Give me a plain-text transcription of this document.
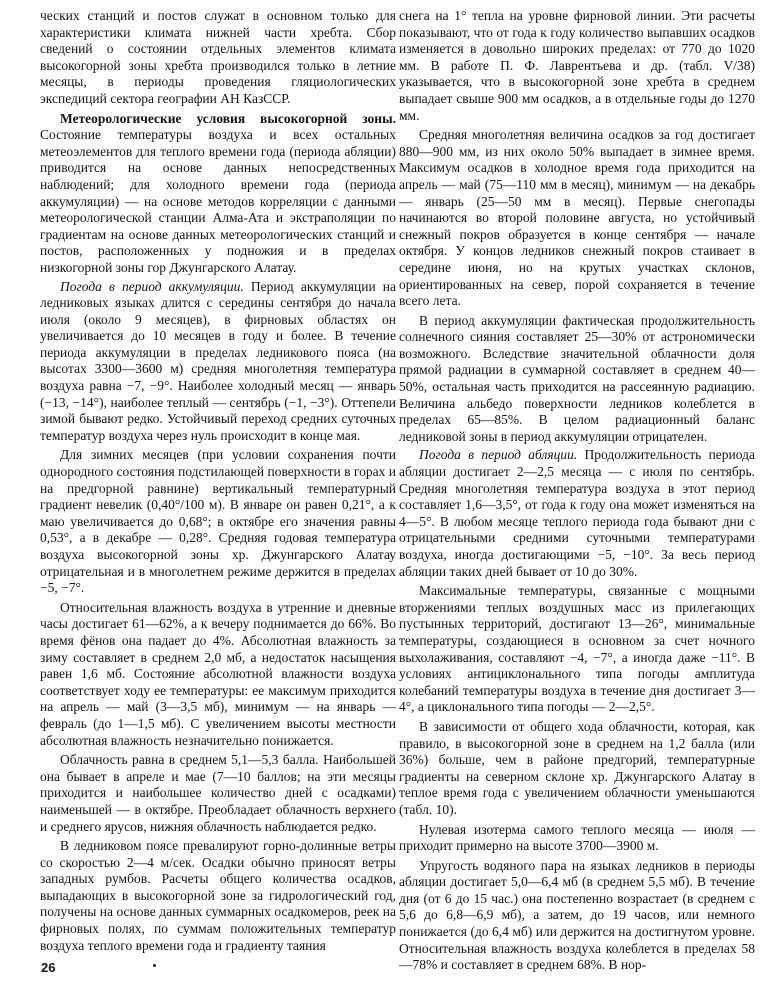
ческих станций и постов служат в основном только для характеристики климата нижней части хребта. Сбор сведений о состоянии отдельных элементов климата высокогорной зоны хребта производился только в летние месяцы, в периоды проведения гляциологических экспедиций сектора географии АН КазССР.

Метеорологические условия высокогорной зоны. Состояние температуры воздуха и всех остальных метеоэлементов для теплого времени года (периода абляции) приводится на основе данных непосредственных наблюдений; для холодного времени года (периода аккумуляции) — на основе методов корреляции с данными метеорологической станции Алма-Ата и экстраполяции по градиентам на основе данных метеорологических станций и постов, расположенных у подножия и в пределах низкогорной зоны гор Джунгарского Алатау.

Погода в период аккумуляции. Период аккумуляции на ледниковых языках длится с середины сентября до начала июля (около 9 месяцев), в фирновых областях он увеличивается до 10 месяцев в году и более. В течение периода аккумуляции в пределах ледникового пояса (на высотах 3300—3600 м) средняя многолетняя температура воздуха равна −7, −9°. Наиболее холодный месяц — январь (−13, −14°), наиболее теплый — сентябрь (−1, −3°). Оттепели зимой бывают редко. Устойчивый переход средних суточных температур воздуха через нуль происходит в конце мая.

Для зимних месяцев (при условии сохранения почти однородного состояния подстилающей поверхности в горах и на предгорной равнине) вертикальный температурный градиент невелик (0,40°/100 м). В январе он равен 0,21°, а к маю увеличивается до 0,68°; в октябре его значения равны 0,53°, а в декабре — 0,28°. Средняя годовая температура воздуха высокогорной зоны хр. Джунгарского Алатау отрицательная и в многолетнем режиме держится в пределах −5, −7°.

Относительная влажность воздуха в утренние и дневные часы достигает 61—62%, а к вечеру поднимается до 66%. Во время фёнов она падает до 4%. Абсолютная влажность за зиму составляет в среднем 2,0 мб, а недостаток насыщения равен 1,6 мб. Состояние абсолютной влажности воздуха соответствует ходу ее температуры: ее максимум приходится на апрель — май (3—3,5 мб), минимум — на январь — февраль (до 1—1,5 мб). С увеличением высоты местности абсолютная влажность незначительно понижается.

Облачность равна в среднем 5,1—5,3 балла. Наибольшей она бывает в апреле и мае (7—10 баллов; на эти месяцы приходится и наибольшее количество дней с осадками) наименьшей — в октябре. Преобладает облачность верхнего и среднего ярусов, нижняя облачность наблюдается редко.

В ледниковом поясе превалируют горно-долинные ветры со скоростью 2—4 м/сек. Осадки обычно приносят ветры западных румбов. Расчеты общего количества осадков, выпадающих в высокогорной зоне за гидрологический год, получены на основе данных суммарных осадкомеров, реек на фирновых полях, по суммам положительных температур воздуха теплого времени года и градиенту таяния

снега на 1° тепла на уровне фирновой линии. Эти расчеты показывают, что от года к году количество выпавших осадков изменяется в довольно широких пределах: от 770 до 1020 мм. В работе П. Ф. Лаврентьева и др. (табл. V/38) указывается, что в высокогорной зоне хребта в среднем выпадает свыше 900 мм осадков, а в отдельные годы до 1270 мм.

Средняя многолетняя величина осадков за год достигает 880—900 мм, из них около 50% выпадает в зимнее время. Максимум осадков в холодное время года приходится на апрель — май (75—110 мм в месяц), минимум — на декабрь — январь (25—50 мм в месяц). Первые снегопады начинаются во второй половине августа, но устойчивый снежный покров образуется в конце сентября — начале октября. У концов ледников снежный покров стаивает в середине июня, но на крутых участках склонов, ориентированных на север, порой сохраняется в течение всего лета.

В период аккумуляции фактическая продолжительность солнечного сияния составляет 25—30% от астрономически возможного. Вследствие значительной облачности доля прямой радиации в суммарной составляет в среднем 40—50%, остальная часть приходится на рассеянную радиацию. Величина альбедо поверхности ледников колеблется в пределах 65—85%. В целом радиационный баланс ледниковой зоны в период аккумуляции отрицателен.

Погода в период абляции. Продолжительность периода абляции достигает 2—2,5 месяца — с июля по сентябрь. Средняя многолетняя температура воздуха в этот период составляет 1,6—3,5°, от года к году она может изменяться на 4—5°. В любом месяце теплого периода года бывают дни с отрицательными средними суточными температурами воздуха, иногда достигающими −5, −10°. За весь период абляции таких дней бывает от 10 до 30%.

Максимальные температуры, связанные с мощными вторжениями теплых воздушных масс из прилегающих пустынных территорий, достигают 13—26°, минимальные температуры, создающиеся в основном за счет ночного выхолаживания, составляют −4, −7°, а иногда даже −11°. В условиях антициклонального типа погоды амплитуда колебаний температуры воздуха в течение дня достигает 3—4°, а циклонального типа погоды — 2—2,5°.

В зависимости от общего хода облачности, которая, как правило, в высокогорной зоне в среднем на 1,2 балла (или 36%) больше, чем в районе предгорий, температурные градиенты на северном склоне хр. Джунгарского Алатау в теплое время года с увеличением облачности уменьшаются (табл. 10).

Нулевая изотерма самого теплого месяца — июля — приходит примерно на высоте 3700—3900 м.

Упругость водяного пара на языках ледников в периоды абляции достигает 5,0—6,4 мб (в среднем 5,5 мб). В течение дня (от 6 до 15 час.) она постепенно возрастает (в среднем с 5,6 до 6,8—6,9 мб), а затем, до 19 часов, или немного понижается (до 6,4 мб) или держится на достигнутом уровне. Относительная влажность воздуха колеблется в пределах 58—78% и составляет в среднем 68%. В нор-

26
